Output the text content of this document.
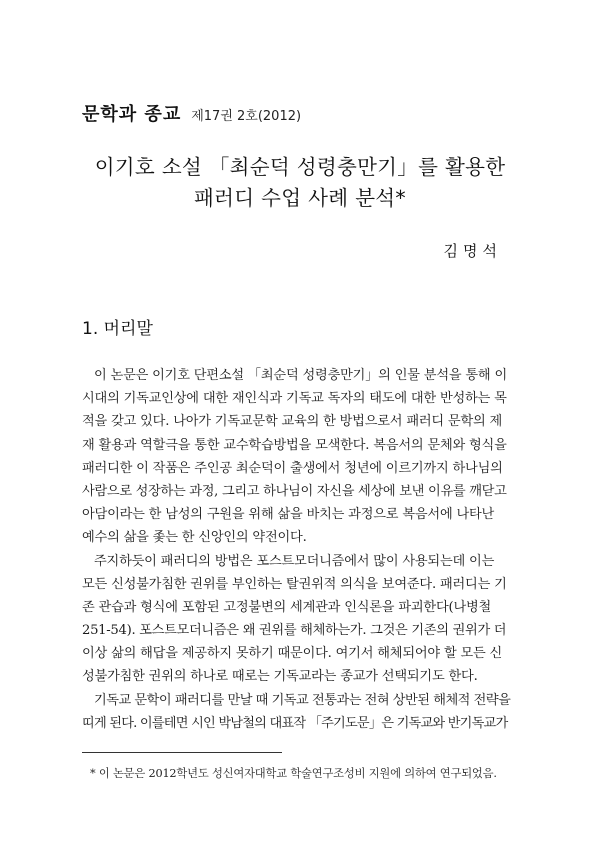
문학과 종교 제17권 2호(2012)
이기호 소설 「최순덕 성령충만기」를 활용한
패러디 수업 사례 분석*
김명석
1. 머리말
이 논문은 이기호 단편소설 「최순덕 성령충만기」의 인물 분석을 통해 이
시대의 기독교인상에 대한 재인식과 기독교 독자의 태도에 대한 반성하는 목
적을 갖고 있다. 나아가 기독교문학 교육의 한 방법으로서 패러디 문학의 제
재 활용과 역할극을 통한 교수학습방법을 모색한다. 복음서의 문체와 형식을
패러디한 이 작품은 주인공 최순덕이 출생에서 청년에 이르기까지 하나님의
사람으로 성장하는 과정, 그리고 하나님이 자신을 세상에 보낸 이유를 깨닫고
아담이라는 한 남성의 구원을 위해 삶을 바치는 과정으로 복음서에 나타난
예수의 삶을 좇는 한 신앙인의 약전이다.
주지하듯이 패러디의 방법은 포스트모더니즘에서 많이 사용되는데 이는
모든 신성불가침한 권위를 부인하는 탈권위적 의식을 보여준다. 패러디는 기
존 관습과 형식에 포함된 고정불변의 세계관과 인식론을 파괴한다(나병철
251-54). 포스트모더니즘은 왜 권위를 해체하는가. 그것은 기존의 권위가 더
이상 삶의 해답을 제공하지 못하기 때문이다. 여기서 해체되어야 할 모든 신
성불가침한 권위의 하나로 때로는 기독교라는 종교가 선택되기도 한다.
기독교 문학이 패러디를 만날 때 기독교 전통과는 전혀 상반된 해체적 전략을
띠게 된다. 이를테면 시인 박남철의 대표작 「주기도문」은 기독교와 반기독교가
* 이 논문은 2012학년도 성신여자대학교 학술연구조성비 지원에 의하여 연구되었음.
